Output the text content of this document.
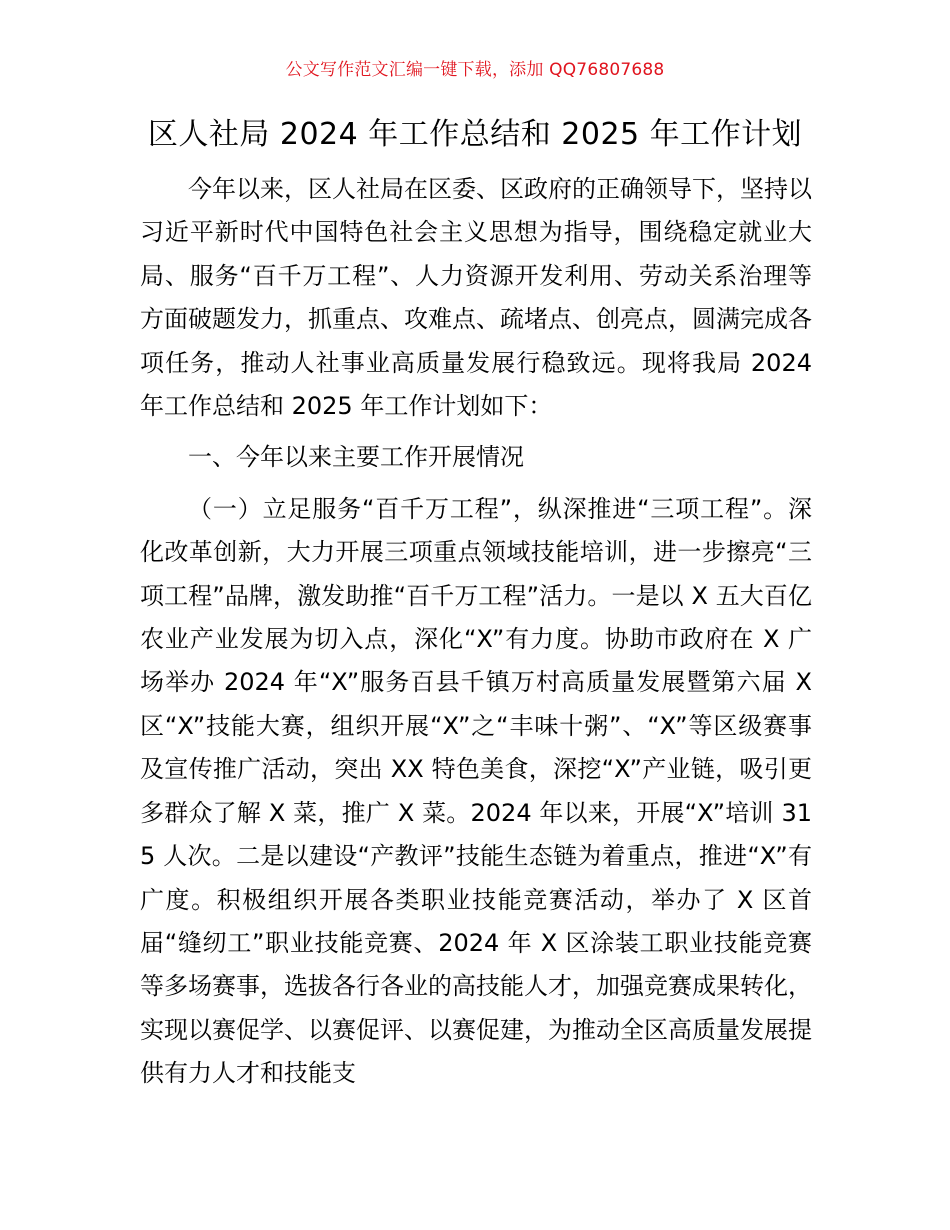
公文写作范文汇编一键下载，添加 QQ76807688
区人社局 2024 年工作总结和 2025 年工作计划

今年以来，区人社局在区委、区政府的正确领导下，坚持以习近平新时代中国特色社会主义思想为指导，围绕稳定就业大局、服务“百千万工程”、人力资源开发利用、劳动关系治理等方面破题发力，抓重点、攻难点、疏堵点、创亮点，圆满完成各项任务，推动人社事业高质量发展行稳致远。现将我局 2024 年工作总结和 2025 年工作计划如下：

一、今年以来主要工作开展情况

（一）立足服务“百千万工程”，纵深推进“三项工程”。深化改革创新，大力开展三项重点领域技能培训，进一步擦亮“三项工程”品牌，激发助推“百千万工程”活力。一是以 X 五大百亿农业产业发展为切入点，深化“X”有力度。协助市政府在 X 广场举办 2024 年“X”服务百县千镇万村高质量发展暨第六届 X 区“X”技能大赛，组织开展“X”之“丰味十粥”、“X”等区级赛事及宣传推广活动，突出 XX 特色美食，深挖“X”产业链，吸引更多群众了解 X 菜，推广 X 菜。2024 年以来，开展“X”培训 315 人次。二是以建设“产教评”技能生态链为着重点，推进“X”有广度。积极组织开展各类职业技能竞赛活动，举办了 X 区首届“缝纫工”职业技能竞赛、2024 年 X 区涂装工职业技能竞赛等多场赛事，选拔各行各业的高技能人才，加强竞赛成果转化，实现以赛促学、以赛促评、以赛促建，为推动全区高质量发展提供有力人才和技能支
